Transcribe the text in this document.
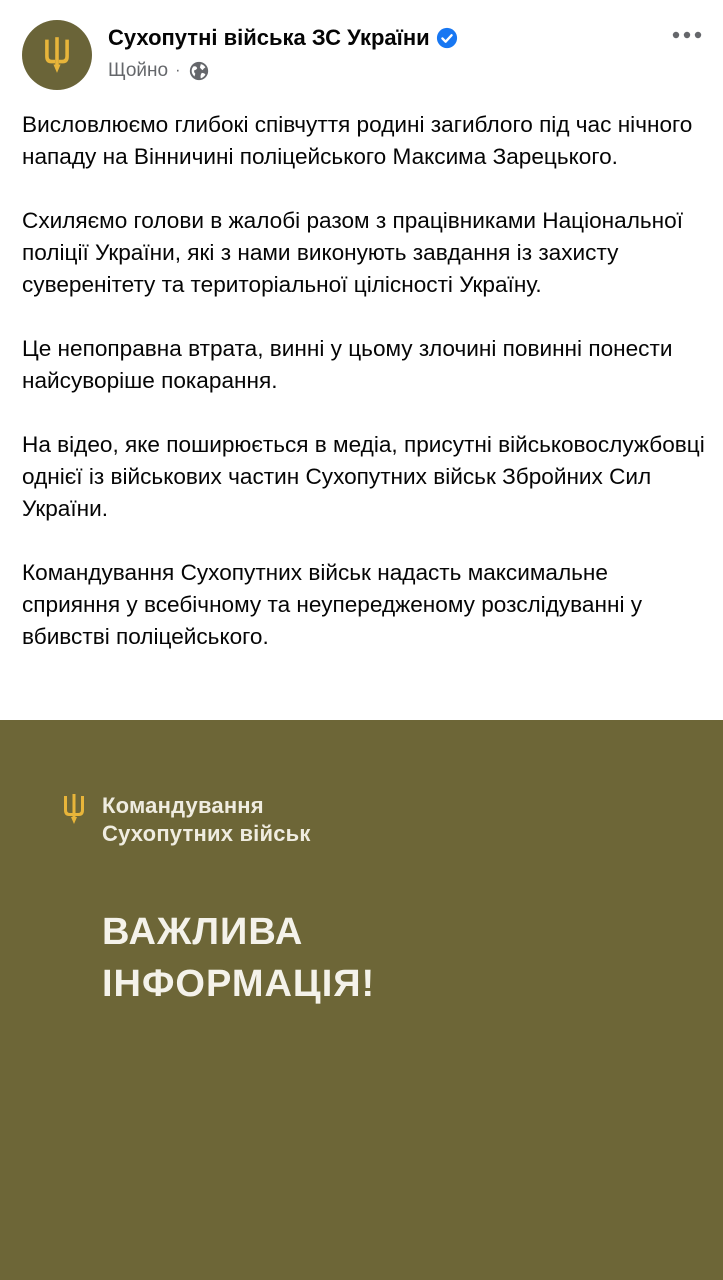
Сухопутні війська ЗС України
Щойно ·

Висловлюємо глибокі співчуття родині загиблого під час нічного нападу на Вінничині поліцейського Максима Зарецького.

Схиляємо голови в жалобі разом з працівниками Національної поліції України, які з нами виконують завдання із захисту суверенітету та територіальної цілісності Україну.

Це непоправна втрата, винні у цьому злочині повинні понести найсуворіше покарання.

На відео, яке поширюється в медіа, присутні військовослужбовці однієї із військових частин Сухопутних військ Збройних Сил України.

Командування Сухопутних військ надасть максимальне сприяння у всебічному та неупередженому розслідуванні у вбивстві поліцейського.

Командування
Сухопутних військ
ВАЖЛИВА
ІНФОРМАЦІЯ!
